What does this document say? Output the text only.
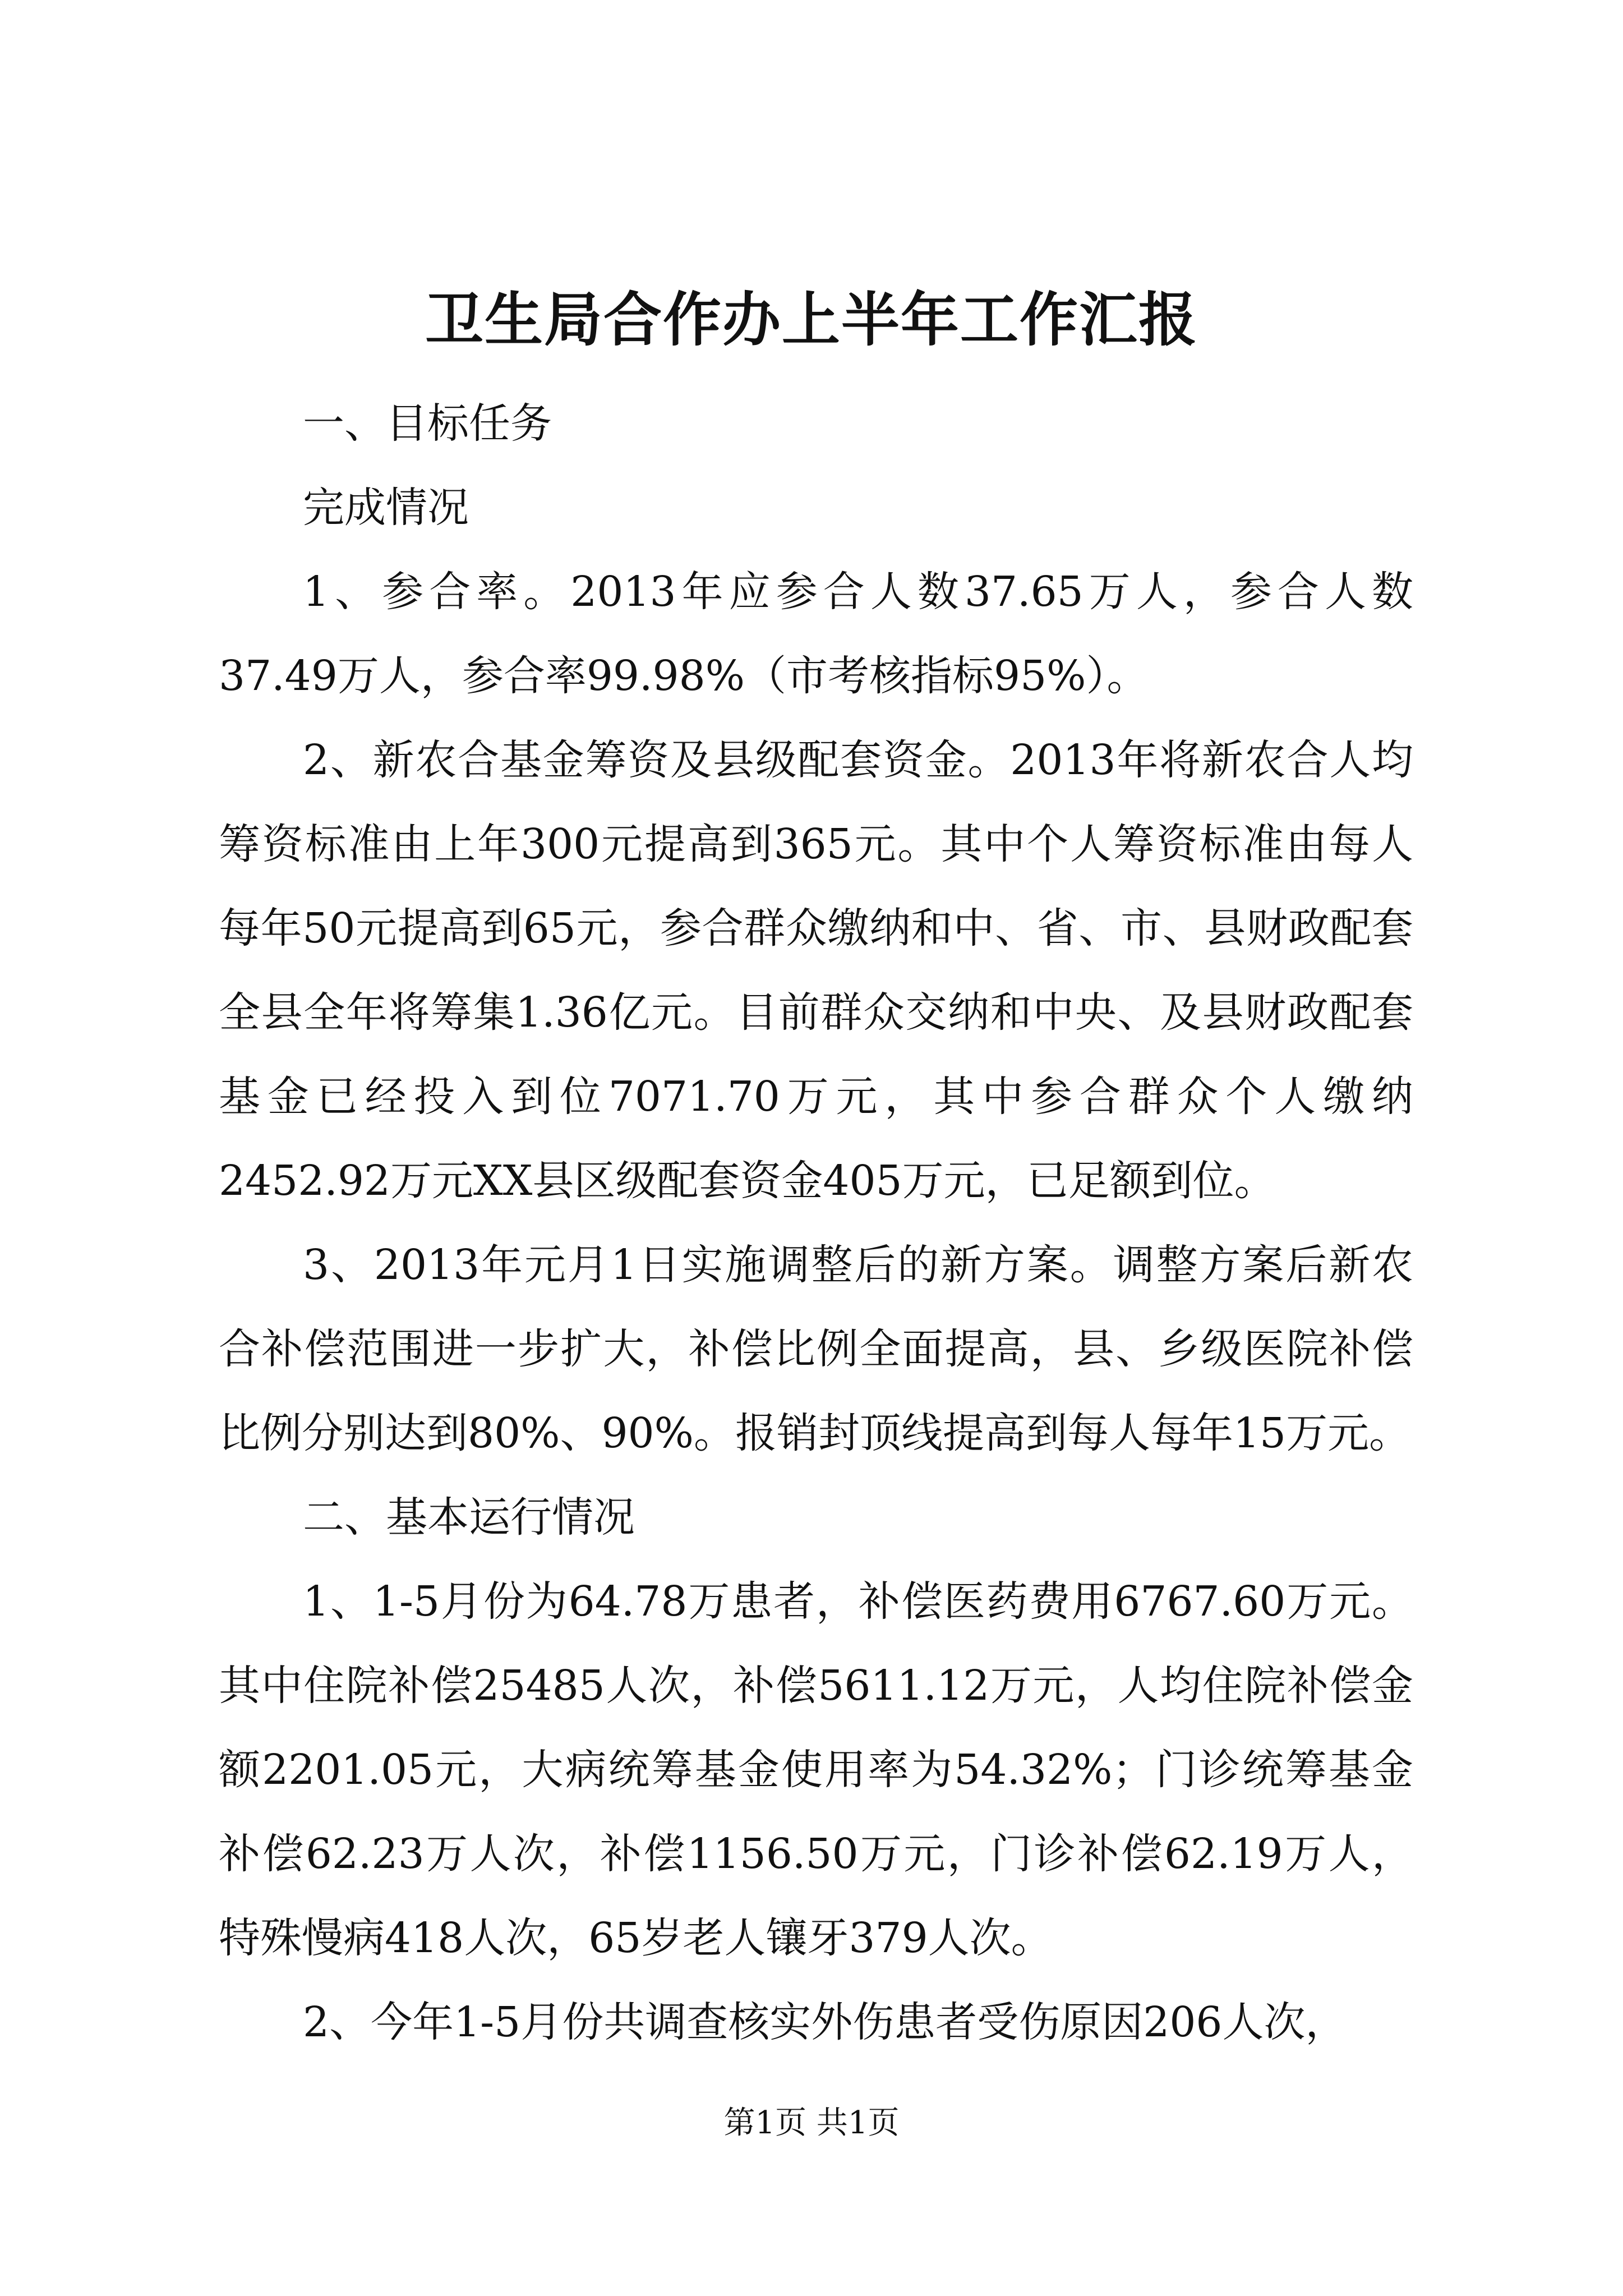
卫生局合作办上半年工作汇报

一、目标任务

完成情况

1、参合率。2013年应参合人数37.65万人，参合人数37.49万人，参合率99.98%（市考核指标95%）。

2、新农合基金筹资及县级配套资金。2013年将新农合人均筹资标准由上年300元提高到365元。其中个人筹资标准由每人每年50元提高到65元，参合群众缴纳和中、省、市、县财政配套全县全年将筹集1.36亿元。目前群众交纳和中央、及县财政配套基金已经投入到位7071.70万元，其中参合群众个人缴纳2452.92万元XX县区级配套资金405万元，已足额到位。

3、2013年元月1日实施调整后的新方案。调整方案后新农合补偿范围进一步扩大，补偿比例全面提高，县、乡级医院补偿比例分别达到80%、90%。报销封顶线提高到每人每年15万元。

二、基本运行情况

1、1-5月份为64.78万患者，补偿医药费用6767.60万元。其中住院补偿25485人次，补偿5611.12万元，人均住院补偿金额2201.05元，大病统筹基金使用率为54.32%；门诊统筹基金补偿62.23万人次，补偿1156.50万元，门诊补偿62.19万人，特殊慢病418人次，65岁老人镶牙379人次。

2、今年1-5月份共调查核实外伤患者受伤原因206人次，

第1页 共1页
